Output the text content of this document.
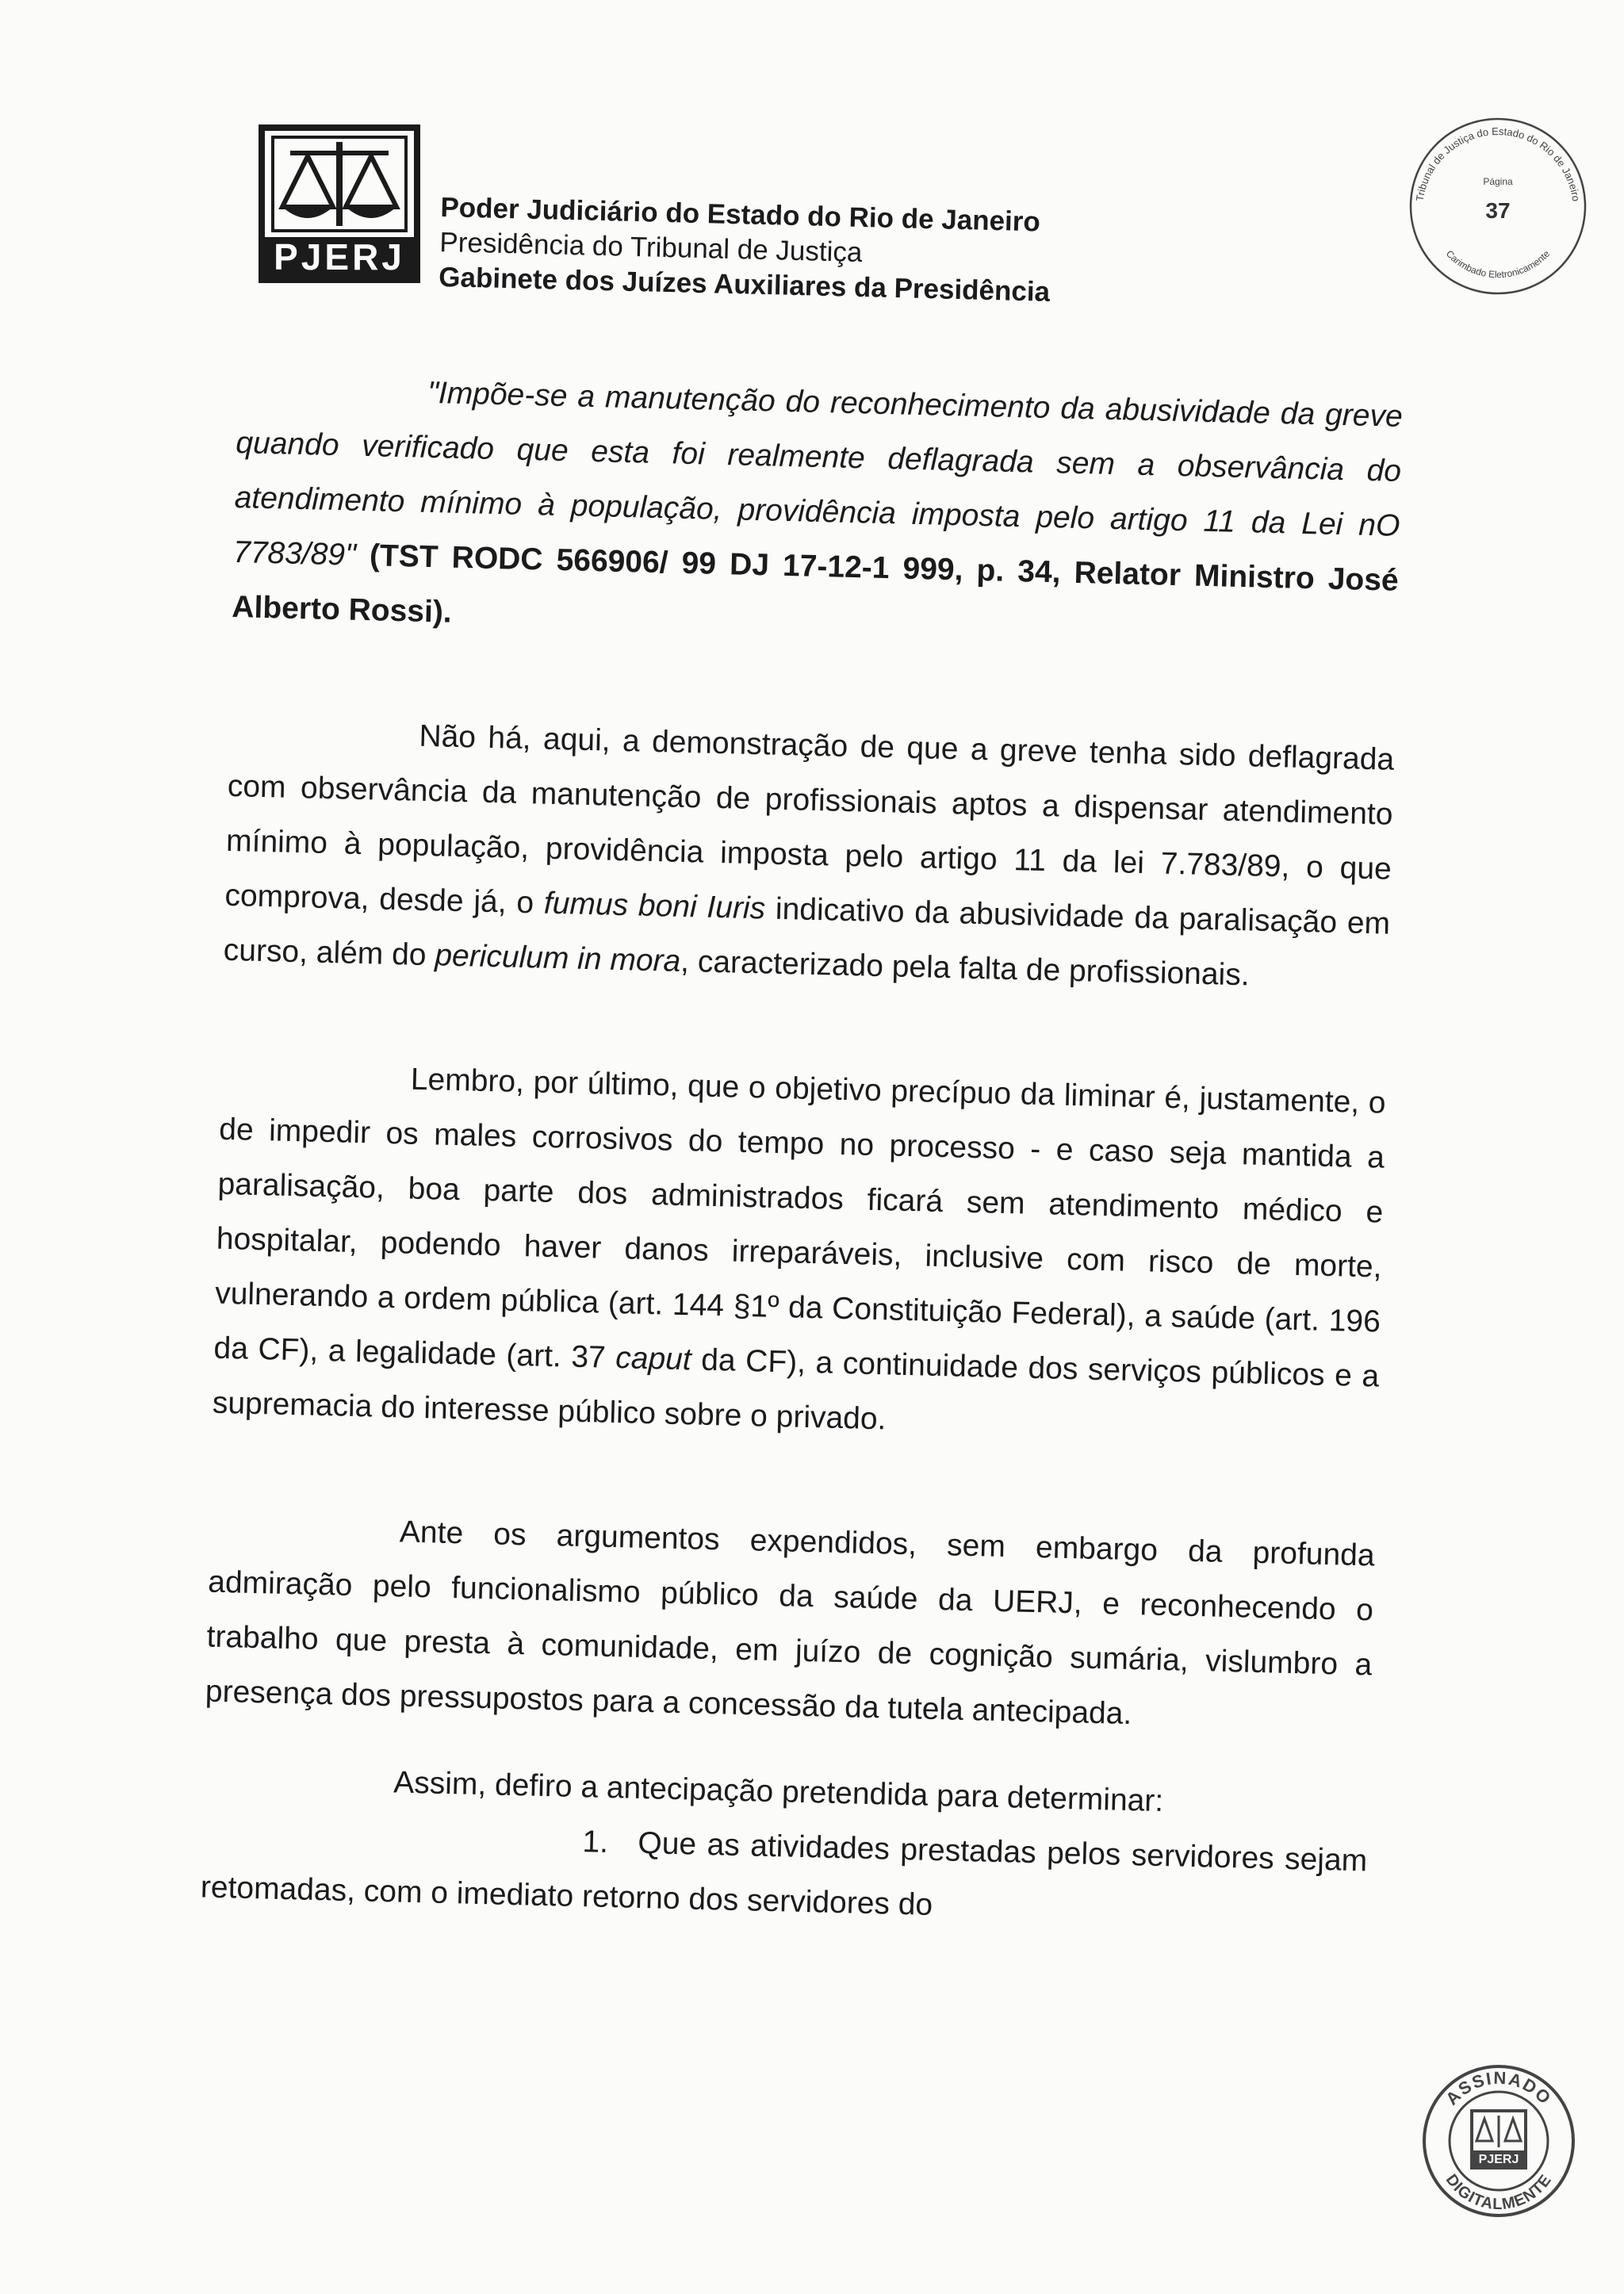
PJERJ
Poder Judiciário do Estado do Rio de Janeiro
Presidência do Tribunal de Justiça
Gabinete dos Juízes Auxiliares da Presidência
Tribunal de Justiça do Estado do Rio de Janeiro
Carimbado Eletronicamente
Página
37

"Impõe-se a manutenção do reconhecimento da abusividade da greve quando verificado que esta foi realmente deflagrada sem a observância do atendimento mínimo à população, providência imposta pelo artigo 11 da Lei nO 7783/89" (TST RODC 566906/ 99 DJ 17-12-1 999, p. 34, Relator Ministro José Alberto Rossi).

Não há, aqui, a demonstração de que a greve tenha sido deflagrada com observância da manutenção de profissionais aptos a dispensar atendimento mínimo à população, providência imposta pelo artigo 11 da lei 7.783/89, o que comprova, desde já, o fumus boni Iuris indicativo da abusividade da paralisação em curso, além do periculum in mora, caracterizado pela falta de profissionais.

Lembro, por último, que o objetivo precípuo da liminar é, justamente, o de impedir os males corrosivos do tempo no processo - e caso seja mantida a paralisação, boa parte dos administrados ficará sem atendimento médico e hospitalar, podendo haver danos irreparáveis, inclusive com risco de morte, vulnerando a ordem pública (art. 144 §1º da Constituição Federal), a saúde (art. 196 da CF), a legalidade (art. 37 caput da CF), a continuidade dos serviços públicos e a supremacia do interesse público sobre o privado.

Ante os argumentos expendidos, sem embargo da profunda admiração pelo funcionalismo público da saúde da UERJ, e reconhecendo o trabalho que presta à comunidade, em juízo de cognição sumária, vislumbro a presença dos pressupostos para a concessão da tutela antecipada.

Assim, defiro a antecipação pretendida para determinar:

1. Que as atividades prestadas pelos servidores sejam retomadas, com o imediato retorno dos servidores do

ASSINADO
DIGITALMENTE
PJERJ
